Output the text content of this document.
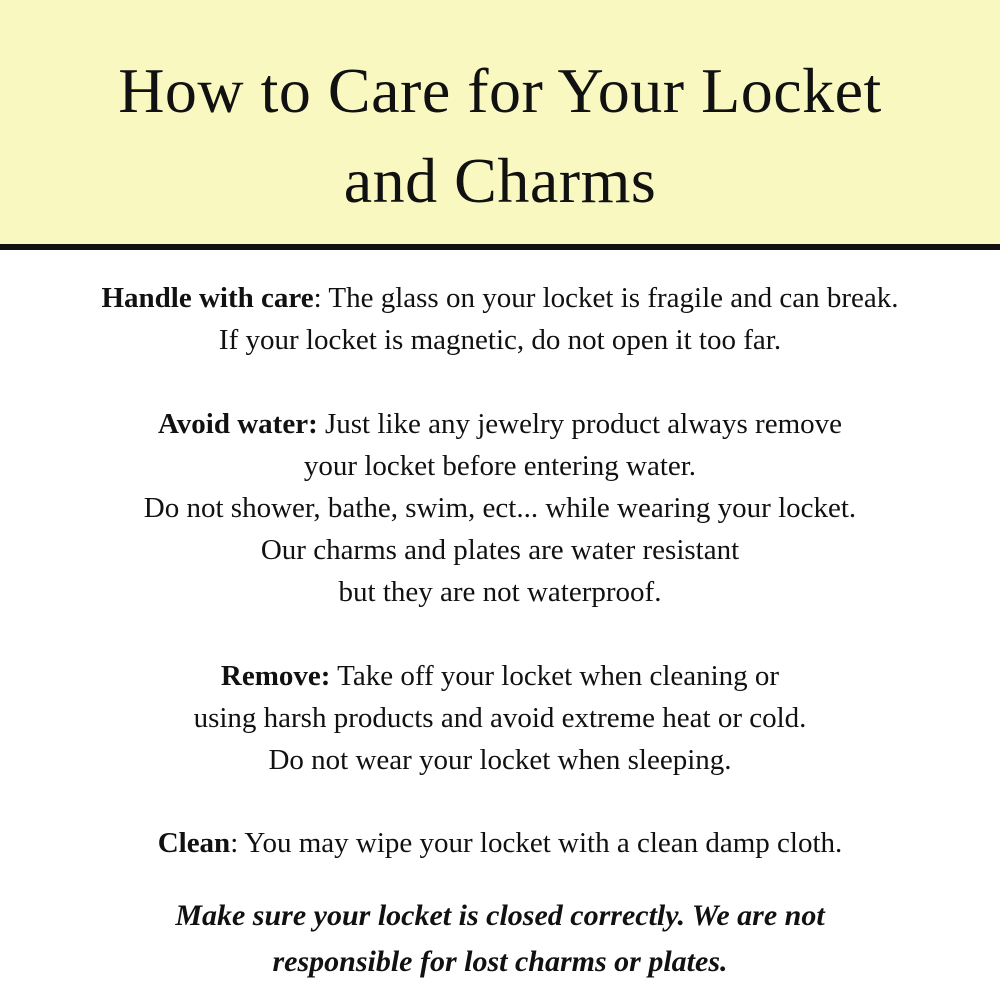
How to Care for Your Locket
and Charms
Handle with care: The glass on your locket is fragile and can break.
If your locket is magnetic, do not open it too far.
Avoid water: Just like any jewelry product always remove
your locket before entering water.
Do not shower, bathe, swim, ect... while wearing your locket.
Our charms and plates are water resistant
but they are not waterproof.
Remove: Take off your locket when cleaning or
using harsh products and avoid extreme heat or cold.
Do not wear your locket when sleeping.
Clean: You may wipe your locket with a clean damp cloth.
Make sure your locket is closed correctly. We are not
responsible for lost charms or plates.
